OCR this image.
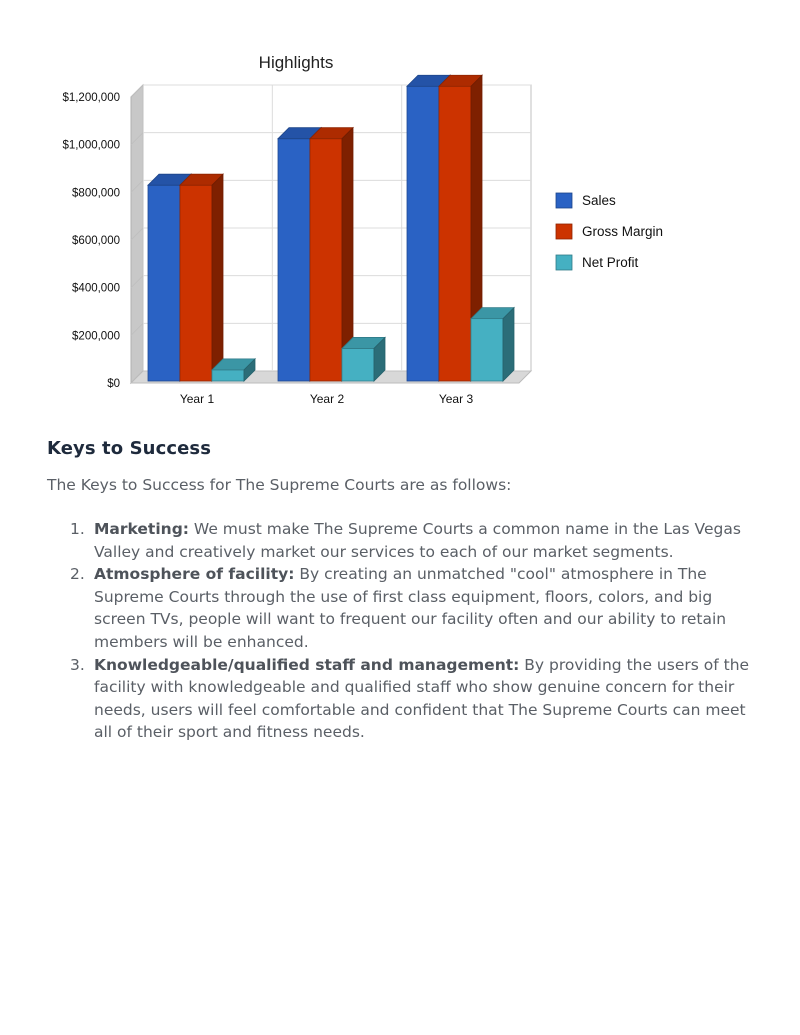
Highlights
$0
$200,000
$400,000
$600,000
$800,000
$1,000,000
$1,200,000
Year 1	Year 2	Year 3
Sales
Gross Margin
Net Profit
Keys to Success

The Keys to Success for The Supreme Courts are as follows:

1. Marketing: We must make The Supreme Courts a common name in the Las Vegas Valley and creatively market our services to each of our market segments.
2. Atmosphere of facility: By creating an unmatched "cool" atmosphere in The Supreme Courts through the use of first class equipment, floors, colors, and big screen TVs, people will want to frequent our facility often and our ability to retain members will be enhanced.
3. Knowledgeable/qualified staff and management: By providing the users of the facility with knowledgeable and qualified staff who show genuine concern for their needs, users will feel comfortable and confident that The Supreme Courts can meet all of their sport and fitness needs.
